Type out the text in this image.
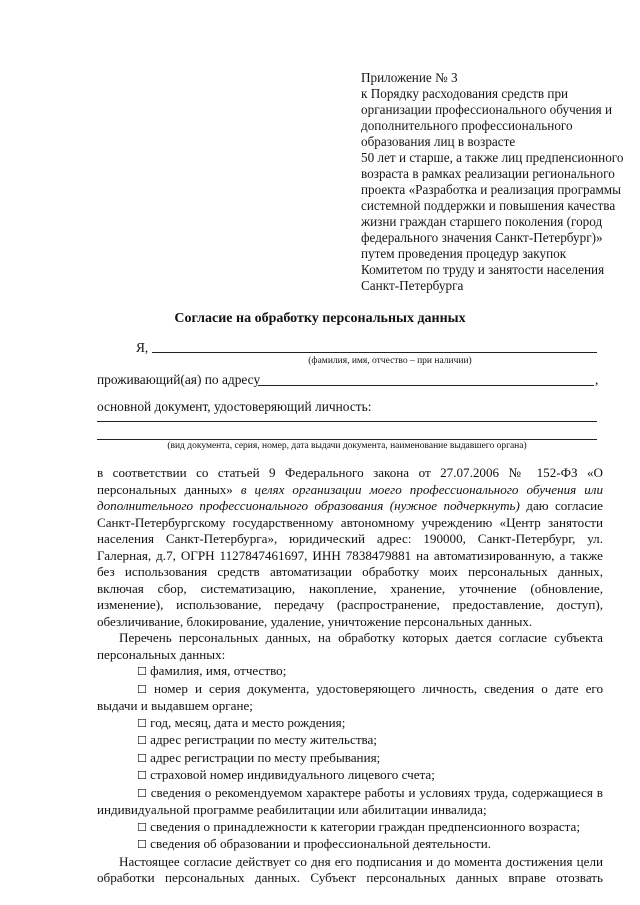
Приложение № 3
к Порядку расходования средств при
организации профессионального обучения и
дополнительного профессионального
образования лиц в возрасте
50 лет и старше, а также лиц предпенсионного
возраста в рамках реализации регионального
проекта «Разработка и реализация программы
системной поддержки и повышения качества
жизни граждан старшего поколения (город
федерального значения Санкт-Петербург)»
путем проведения процедур закупок
Комитетом по труду и занятости населения
Санкт-Петербурга
Согласие на обработку персональных данных
Я,
(фамилия, имя, отчество – при наличии)
проживающий(ая) по адресу	,
основной документ, удостоверяющий личность:
(вид документа, серия, номер, дата выдачи документа, наименование выдавшего органа)

в соответствии со статьей 9 Федерального закона от 27.07.2006 № 152-ФЗ «О персональных данных» в целях организации моего профессионального обучения или дополнительного профессионального образования (нужное подчеркнуть) даю согласие Санкт-Петербургскому государственному автономному учреждению «Центр занятости населения Санкт-Петербурга», юридический адрес: 190000, Санкт-Петербург, ул. Галерная, д.7, ОГРН 1127847461697, ИНН 7838479881 на автоматизированную, а также без использования средств автоматизации обработку моих персональных данных, включая сбор, систематизацию, накопление, хранение, уточнение (обновление, изменение), использование, передачу (распространение, предоставление, доступ), обезличивание, блокирование, удаление, уничтожение персональных данных.

Перечень персональных данных, на обработку которых дается согласие субъекта персональных данных:

☐ фамилия, имя, отчество;

☐ номер и серия документа, удостоверяющего личность, сведения о дате его выдачи и выдавшем органе;

☐ год, месяц, дата и место рождения;

☐ адрес регистрации по месту жительства;

☐ адрес регистрации по месту пребывания;

☐ страховой номер индивидуального лицевого счета;

☐ сведения о рекомендуемом характере работы и условиях труда, содержащиеся в индивидуальной программе реабилитации или абилитации инвалида;

☐ сведения о принадлежности к категории граждан предпенсионного возраста;

☐ сведения об образовании и профессиональной деятельности.

Настоящее согласие действует со дня его подписания и до момента достижения цели обработки персональных данных. Субъект персональных данных вправе отозвать
